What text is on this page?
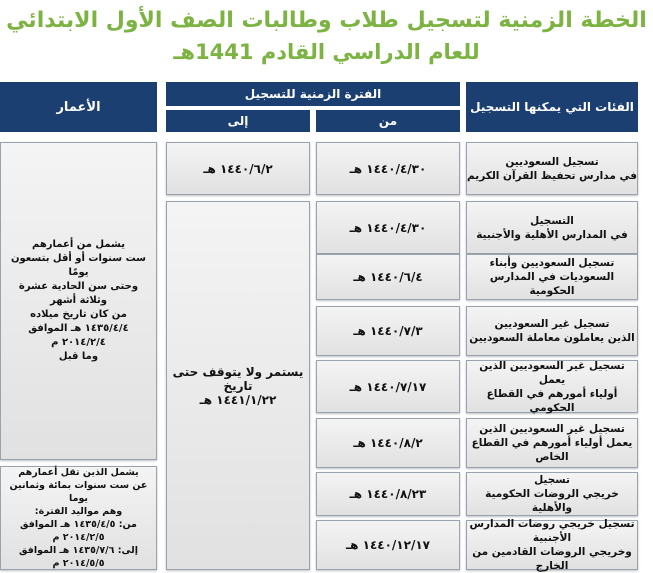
الخطة الزمنية لتسجيل طلاب وطالبات الصف الأول الابتدائي
للعام الدراسي القادم 1441هـ
الفئات التي يمكنها التسجيل
الفترة الزمنية للتسجيل
من
إلى
الأعمار
تسجيل السعوديين
في مدارس تحفيظ القرآن الكريم
التسجيل
في المدارس الأهلية والأجنبية
تسجيل السعوديين وأبناء
السعوديات في المدارس الحكومية
تسجيل غير السعوديين
الذين يعاملون معاملة السعوديين
تسجيل غير السعوديين الذين يعمل
أولياء أمورهم في القطاع الحكومي
تسجيل غير السعوديين الذين
يعمل أولياء أمورهم في القطاع الخاص
تسجيل
خريجي الروضات الحكومية والأهلية
تسجيل خريجي روضات المدارس الأجنبية
وخريجي الروضات القادمين من الخارج
١٤٤٠/٤/٣٠ هـ
١٤٤٠/٤/٣٠ هـ
١٤٤٠/٦/٤ هـ
١٤٤٠/٧/٣ هـ
١٤٤٠/٧/١٧ هـ
١٤٤٠/٨/٢ هـ
١٤٤٠/٨/٢٣ هـ
١٤٤٠/١٢/١٧ هـ
١٤٤٠/٦/٢ هـ
يستمر ولا يتوقف حتى تاريخ
١٤٤١/١/٢٢ هـ
يشمل من أعمارهم
ست سنوات أو أقل بتسعون يومًا
وحتى سن الحادية عشرة وثلاثة أشهر
من كان تاريخ ميلاده
١٤٣٥/٤/٤ هـ الموافق ٢٠١٤/٢/٤ م
وما قبل
يشمل الذين تقل أعمارهم
عن ست سنوات بمائة وثمانين يوما
وهم مواليد الفترة:
من: ١٤٣٥/٤/٥ هـ الموافق ٢٠١٤/٢/٥ م
إلى: ١٤٣٥/٧/٦ هـ الموافق ٢٠١٤/٥/٥ م
